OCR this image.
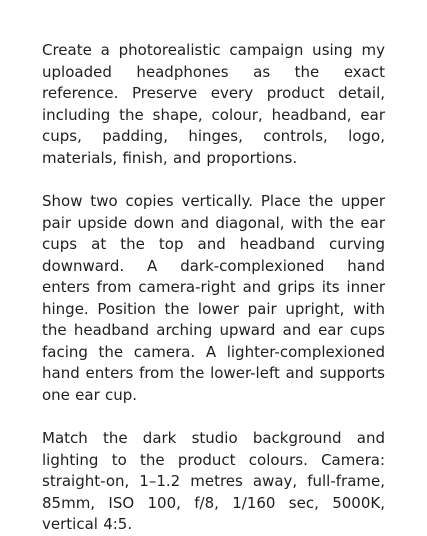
Create a photorealistic campaign using my uploaded headphones as the exact reference. Preserve every product detail, including the shape, colour, headband, ear cups, padding, hinges, controls, logo, materials, finish, and proportions.

Show two copies vertically. Place the upper pair upside down and diagonal, with the ear cups at the top and headband curving downward. A dark-complexioned hand enters from camera-right and grips its inner hinge. Position the lower pair upright, with the headband arching upward and ear cups facing the camera. A lighter-complexioned hand enters from the lower-left and supports one ear cup.

Match the dark studio background and lighting to the product colours. Camera: straight-on, 1–1.2 metres away, full-frame, 85mm, ISO 100, f/8, 1/160 sec, 5000K, vertical 4:5.
